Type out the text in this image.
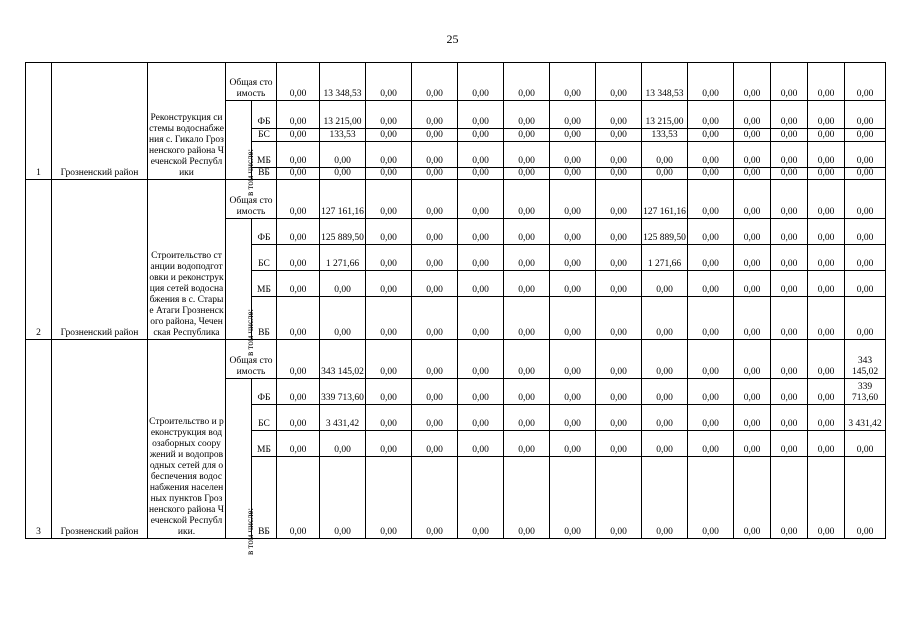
25
1	Грозненский район	Реконструкция системы водоснабжения с. Гикало Грозненского района Чеченской Республики	Общая стоимость		0,00	13 348,53	0,00	0,00	0,00	0,00	0,00	0,00	13 348,53	0,00	0,00	0,00	0,00	0,00
			в том числе:	ФБ	0,00	13 215,00	0,00	0,00	0,00	0,00	0,00	0,00	13 215,00	0,00	0,00	0,00	0,00	0,00
				БС	0,00	133,53	0,00	0,00	0,00	0,00	0,00	0,00	133,53	0,00	0,00	0,00	0,00	0,00
				МБ	0,00	0,00	0,00	0,00	0,00	0,00	0,00	0,00	0,00	0,00	0,00	0,00	0,00	0,00
				ВБ	0,00	0,00	0,00	0,00	0,00	0,00	0,00	0,00	0,00	0,00	0,00	0,00	0,00	0,00
2	Грозненский район	Строительство станции водоподготовки и реконструкция сетей водоснабжения в с. Старые Атаги Грозненского района, Чеченская Республика	Общая стоимость		0,00	127 161,16	0,00	0,00	0,00	0,00	0,00	0,00	127 161,16	0,00	0,00	0,00	0,00	0,00
			в том числе:	ФБ	0,00	125 889,50	0,00	0,00	0,00	0,00	0,00	0,00	125 889,50	0,00	0,00	0,00	0,00	0,00
				БС	0,00	1 271,66	0,00	0,00	0,00	0,00	0,00	0,00	1 271,66	0,00	0,00	0,00	0,00	0,00
				МБ	0,00	0,00	0,00	0,00	0,00	0,00	0,00	0,00	0,00	0,00	0,00	0,00	0,00	0,00
				ВБ	0,00	0,00	0,00	0,00	0,00	0,00	0,00	0,00	0,00	0,00	0,00	0,00	0,00	0,00
3	Грозненский район	Строительство и реконструкция водозаборных сооружений и водопроводных сетей для обеспечения водоснабжения населенных пунктов Грозненского района Чеченской Республики.	Общая стоимость		0,00	343 145,02	0,00	0,00	0,00	0,00	0,00	0,00	0,00	0,00	0,00	0,00	0,00	343 145,02
			в том числе:	ФБ	0,00	339 713,60	0,00	0,00	0,00	0,00	0,00	0,00	0,00	0,00	0,00	0,00	0,00	339 713,60
				БС	0,00	3 431,42	0,00	0,00	0,00	0,00	0,00	0,00	0,00	0,00	0,00	0,00	0,00	3 431,42
				МБ	0,00	0,00	0,00	0,00	0,00	0,00	0,00	0,00	0,00	0,00	0,00	0,00	0,00	0,00
				ВБ	0,00	0,00	0,00	0,00	0,00	0,00	0,00	0,00	0,00	0,00	0,00	0,00	0,00	0,00
